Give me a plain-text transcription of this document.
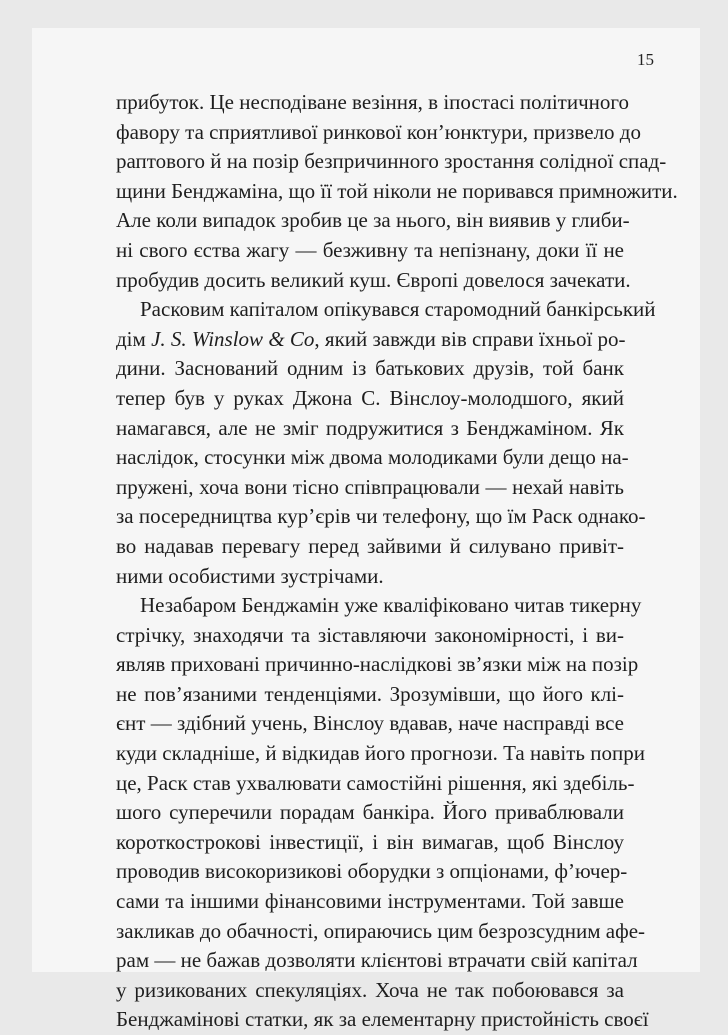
15
прибуток. Це несподіване везіння, в іпостасі політичного
фавору та сприятливої ринкової кон’юнктури, призвело до
раптового й на позір безпричинного зростання солідної спад-
щини Бенджаміна, що її той ніколи не поривався примножити.
Але коли випадок зробив це за нього, він виявив у глиби-
ні свого єства жагу — безживну та непізнану, доки її не
пробудив досить великий куш. Європі довелося зачекати.
Расковим капіталом опікувався старомодний банкірський
дім J. S. Winslow & Co, який завжди вів справи їхньої ро-
дини. Заснований одним із батькових друзів, той банк
тепер був у руках Джона С. Вінслоу-молодшого, який
намагався, але не зміг подружитися з Бенджаміном. Як
наслідок, стосунки між двома молодиками були дещо на-
пружені, хоча вони тісно співпрацювали — нехай навіть
за посередництва кур’єрів чи телефону, що їм Раск однако-
во надавав перевагу перед зайвими й силувано привіт-
ними особистими зустрічами.
Незабаром Бенджамін уже кваліфіковано читав тикерну
стрічку, знаходячи та зіставляючи закономірності, і ви-
являв приховані причинно-наслідкові зв’язки між на позір
не пов’язаними тенденціями. Зрозумівши, що його клі-
єнт — здібний учень, Вінслоу вдавав, наче насправді все
куди складніше, й відкидав його прогнози. Та навіть попри
це, Раск став ухвалювати самостійні рішення, які здебіль-
шого суперечили порадам банкіра. Його приваблювали
короткострокові інвестиції, і він вимагав, щоб Вінслоу
проводив високоризикові оборудки з опціонами, ф’ючер-
сами та іншими фінансовими інструментами. Той завше
закликав до обачності, опираючись цим безрозсудним афе-
рам — не бажав дозволяти клієнтові втрачати свій капітал
у ризикованих спекуляціях. Хоча не так побоювався за
Бенджамінові статки, як за елементарну пристойність своєї
